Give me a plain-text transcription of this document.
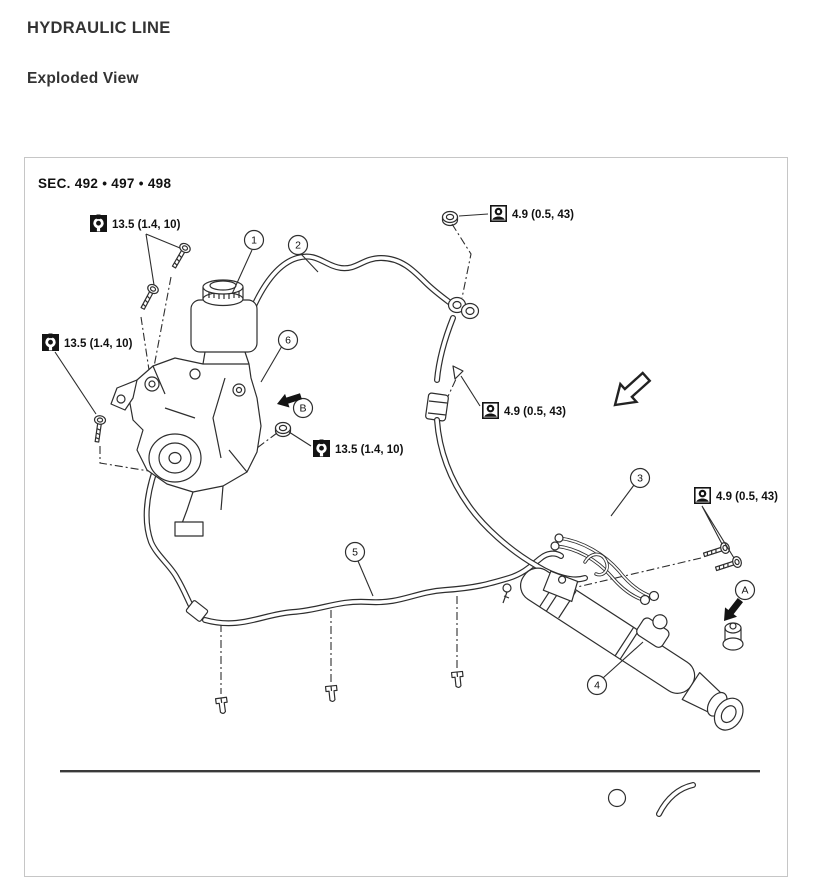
HYDRAULIC LINE
Exploded View
SEC. 492 • 497 • 498
13.5 (1.4, 10)
4.9 (0.5, 43)
13.5 (1.4, 10)
13.5 (1.4, 10)
4.9 (0.5, 43)
4.9 (0.5, 43)
1	2
6
B
3
5
4
A
